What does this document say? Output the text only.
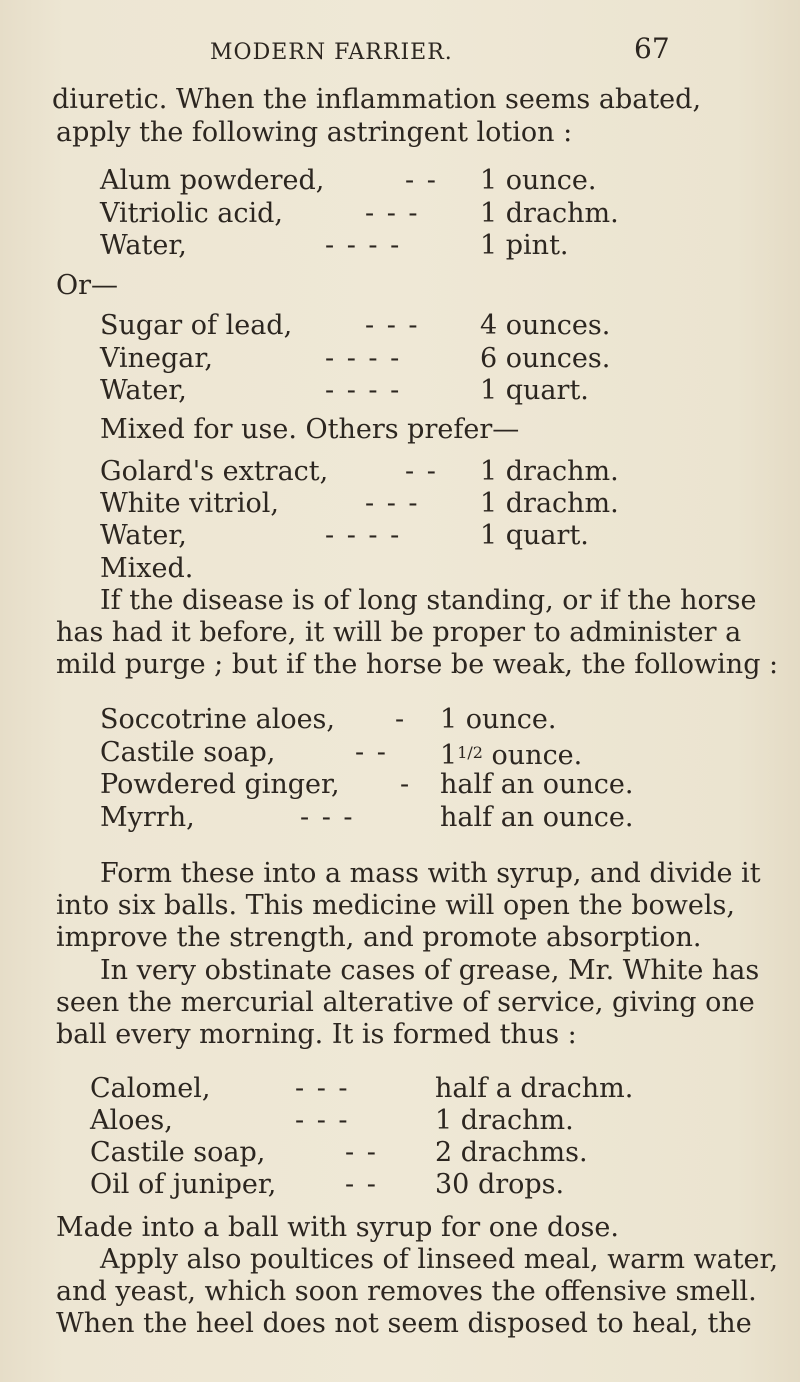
MODERN FARRIER.	67
diuretic. When the inflammation seems abated,
apply the following astringent lotion :
Alum powdered,	- - 1 ounce.
Vitriolic acid,	- - - 1 drachm.
Water,	- - - -	1 pint.
Or—
Sugar of lead,	- - - 4 ounces.
Vinegar,	- - - -	6 ounces.
Water,	- - - -	1 quart.
Mixed for use. Others prefer—
Golard's extract,	- - 1 drachm.
White vitriol,	- - - 1 drachm.
Water,	- - - -	1 quart.
Mixed.
If the disease is of long standing, or if the horse
has had it before, it will be proper to administer a
mild purge ; but if the horse be weak, the following :
Soccotrine aloes, - 1 ounce.
Castile soap,	- - $1^{1/2}$ ounce.
Powdered ginger, - half an ounce.
Myrrh,	- - -	half an ounce.
Form these into a mass with syrup, and divide it
into six balls. This medicine will open the bowels,
improve the strength, and promote absorption.
In very obstinate cases of grease, Mr. White has
seen the mercurial alterative of service, giving one
ball every morning. It is formed thus :
Calomel,	- - -	half a drachm.
Aloes,	- - -	1 drachm.
Castile soap,	- - 2 drachms.
Oil of juniper,	- - 30 drops.
Made into a ball with syrup for one dose.
Apply also poultices of linseed meal, warm water,
and yeast, which soon removes the offensive smell.
When the heel does not seem disposed to heal, the
